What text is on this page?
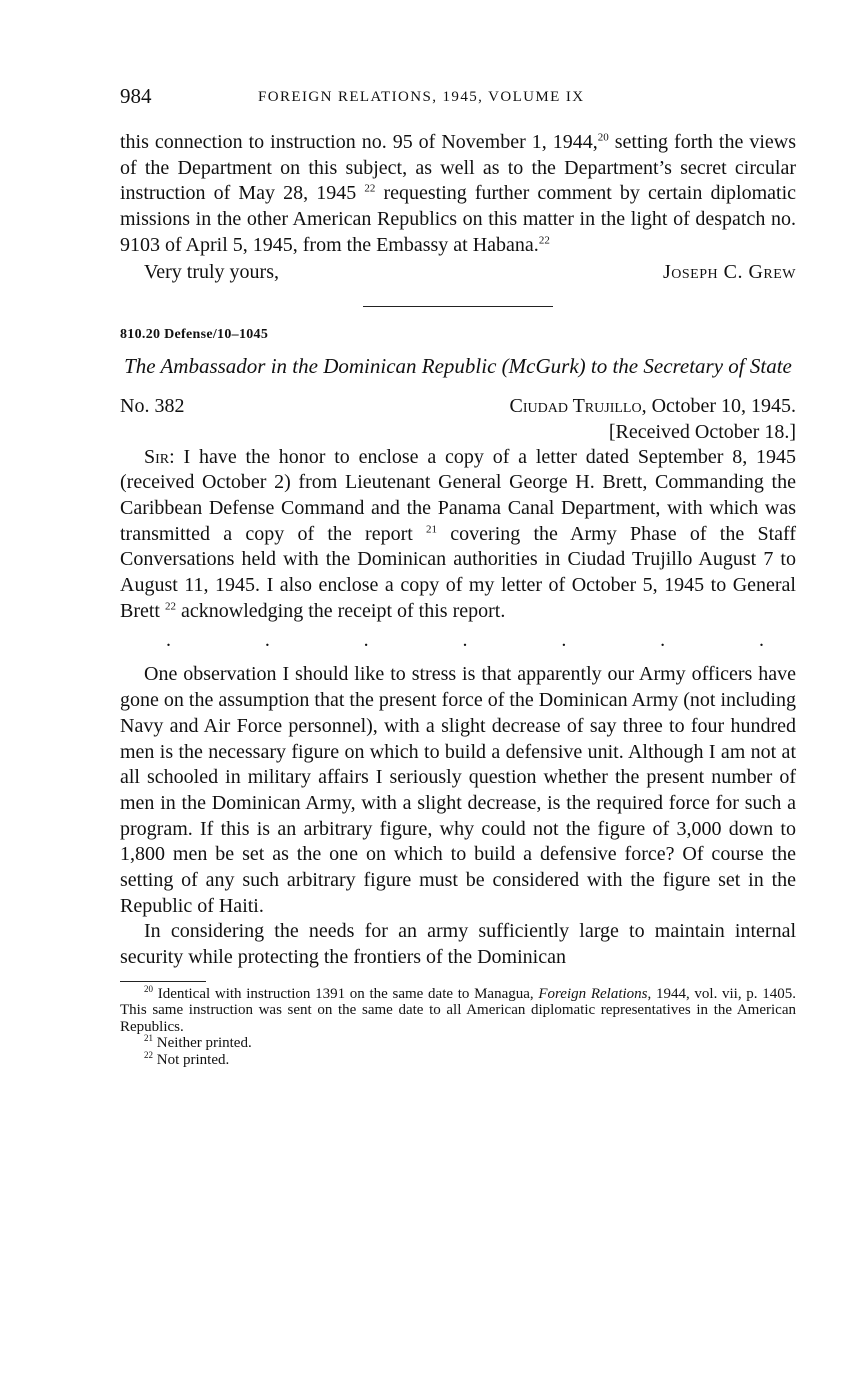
984	FOREIGN RELATIONS, 1945, VOLUME IX

this connection to instruction no. 95 of November 1, 1944,20 setting forth the views of the Department on this subject, as well as to the Department’s secret circular instruction of May 28, 1945 $^{22}$ requesting further comment by certain diplomatic missions in the other American Republics on this matter in the light of despatch no. 9103 of April 5, 1945, from the Embassy at Habana.$^{22}$

Very truly yours,	Joseph C. Grew
810.20 Defense/10–1045
The Ambassador in the Dominican Republic (McGurk) to the Secretary of State
No. 382	Ciudad Trujillo, October 10, 1945.
[Received October 18.]

Sir: I have the honor to enclose a copy of a letter dated September 8, 1945 (received October 2) from Lieutenant General George H. Brett, Commanding the Caribbean Defense Command and the Panama Canal Department, with which was transmitted a copy of the report $^{21}$ covering the Army Phase of the Staff Conversations held with the Dominican authorities in Ciudad Trujillo August 7 to August 11, 1945. I also enclose a copy of my letter of October 5, 1945 to General Brett $^{22}$ acknowledging the receipt of this report.

.	.	.	.	.	.	.

One observation I should like to stress is that apparently our Army officers have gone on the assumption that the present force of the Dominican Army (not including Navy and Air Force personnel), with a slight decrease of say three to four hundred men is the necessary figure on which to build a defensive unit. Although I am not at all schooled in military affairs I seriously question whether the present number of men in the Dominican Army, with a slight decrease, is the required force for such a program. If this is an arbitrary figure, why could not the figure of 3,000 down to 1,800 men be set as the one on which to build a defensive force? Of course the setting of any such arbitrary figure must be considered with the figure set in the Republic of Haiti.

In considering the needs for an army sufficiently large to maintain internal security while protecting the frontiers of the Dominican

$^{20}$ Identical with instruction 1391 on the same date to Managua, Foreign Relations, 1944, vol. vii, p. 1405. This same instruction was sent on the same date to all American diplomatic representatives in the American Republics.

$^{21}$ Neither printed.

$^{22}$ Not printed.
